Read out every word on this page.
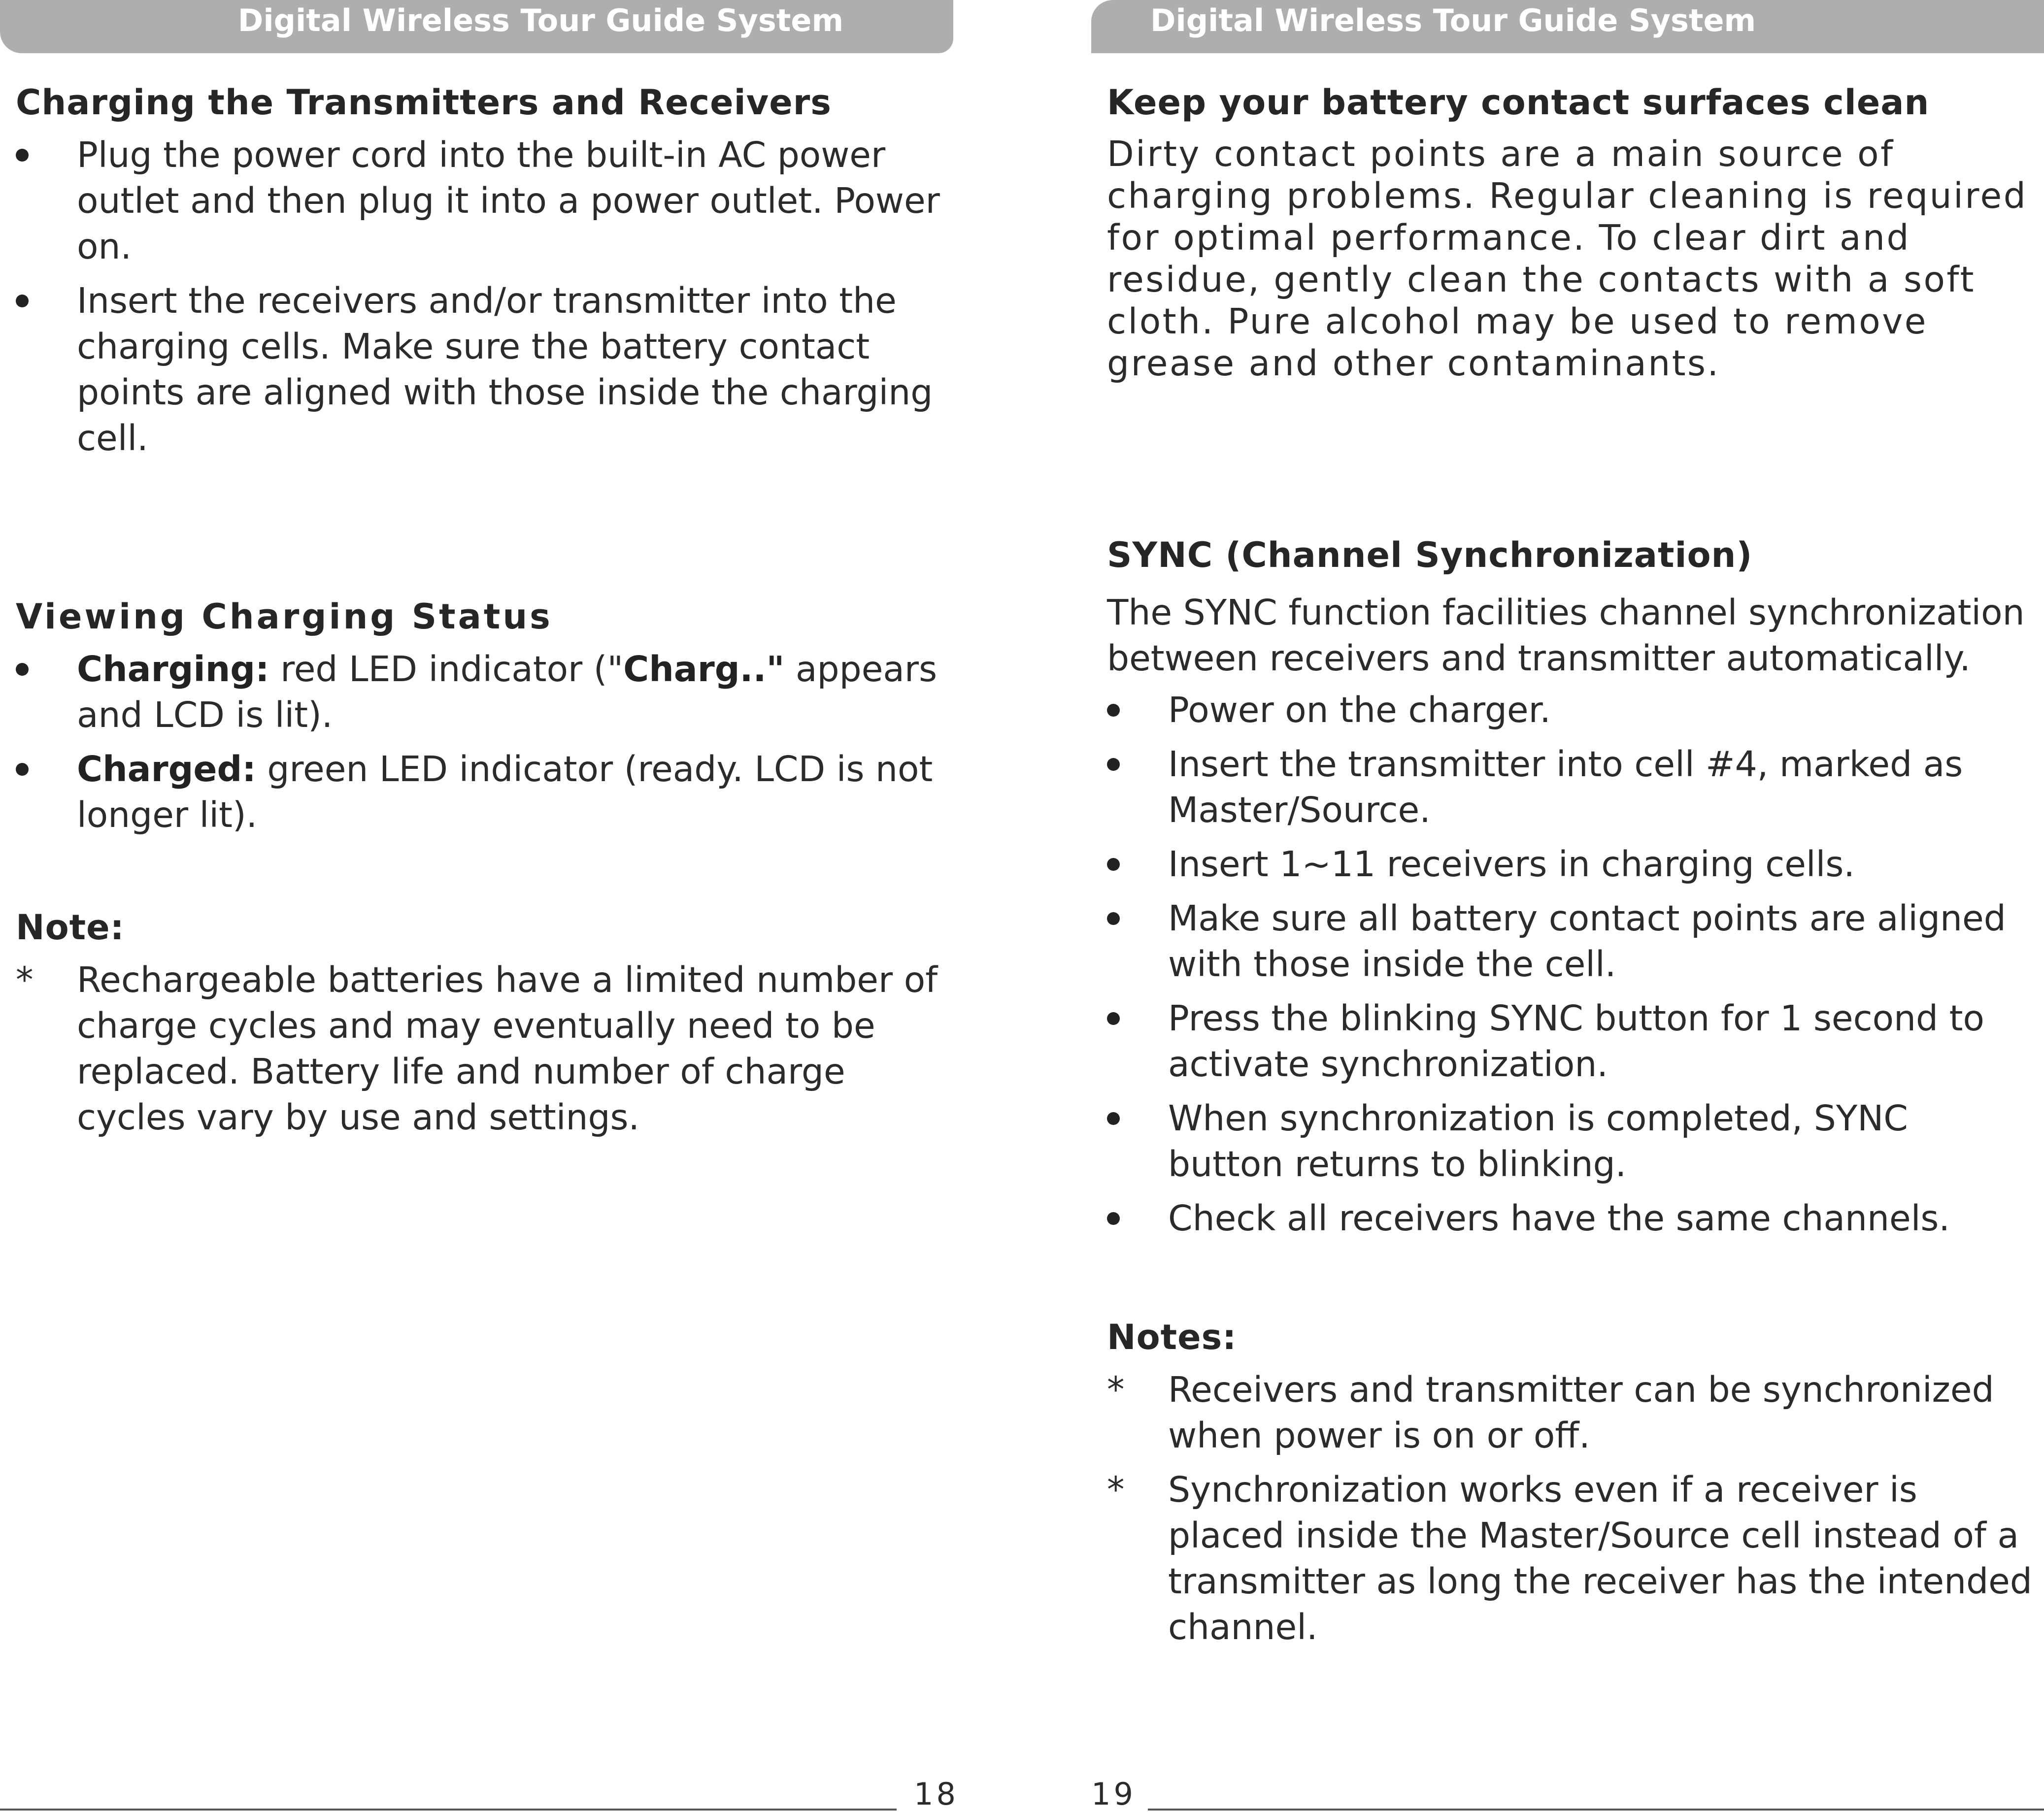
Digital Wireless Tour Guide System
Charging the Transmitters and Receivers
Plug the power cord into the built-in AC power outlet and then plug it into a power outlet. Power on.
Insert the receivers and/or transmitter into the charging cells. Make sure the battery contact points are aligned with those inside the charging cell.
Viewing Charging Status
Charging: red LED indicator ("Charg.." appears and LCD is lit).
Charged: green LED indicator (ready. LCD is not longer lit).
Note:
*	Rechargeable batteries have a limited number of charge cycles and may eventually need to be replaced. Battery life and number of charge cycles vary by use and settings.
18
Digital Wireless Tour Guide System
Keep your battery contact surfaces clean

Dirty contact points are a main source of charging problems. Regular cleaning is required for optimal performance. To clear dirt and residue, gently clean the contacts with a soft cloth. Pure alcohol may be used to remove grease and other contaminants.

SYNC (Channel Synchronization)

The SYNC function facilities channel synchronization between receivers and transmitter automatically.

Power on the charger.
Insert the transmitter into cell #4, marked as Master/Source.
Insert 1~11 receivers in charging cells.
Make sure all battery contact points are aligned with those inside the cell.
Press the blinking SYNC button for 1 second to activate synchronization.
When synchronization is completed, SYNC button returns to blinking.
Check all receivers have the same channels.
Notes:
*	Receivers and transmitter can be synchronized when power is on or off.
*	Synchronization works even if a receiver is placed inside the Master/Source cell instead of a transmitter as long the receiver has the intended channel.
19
